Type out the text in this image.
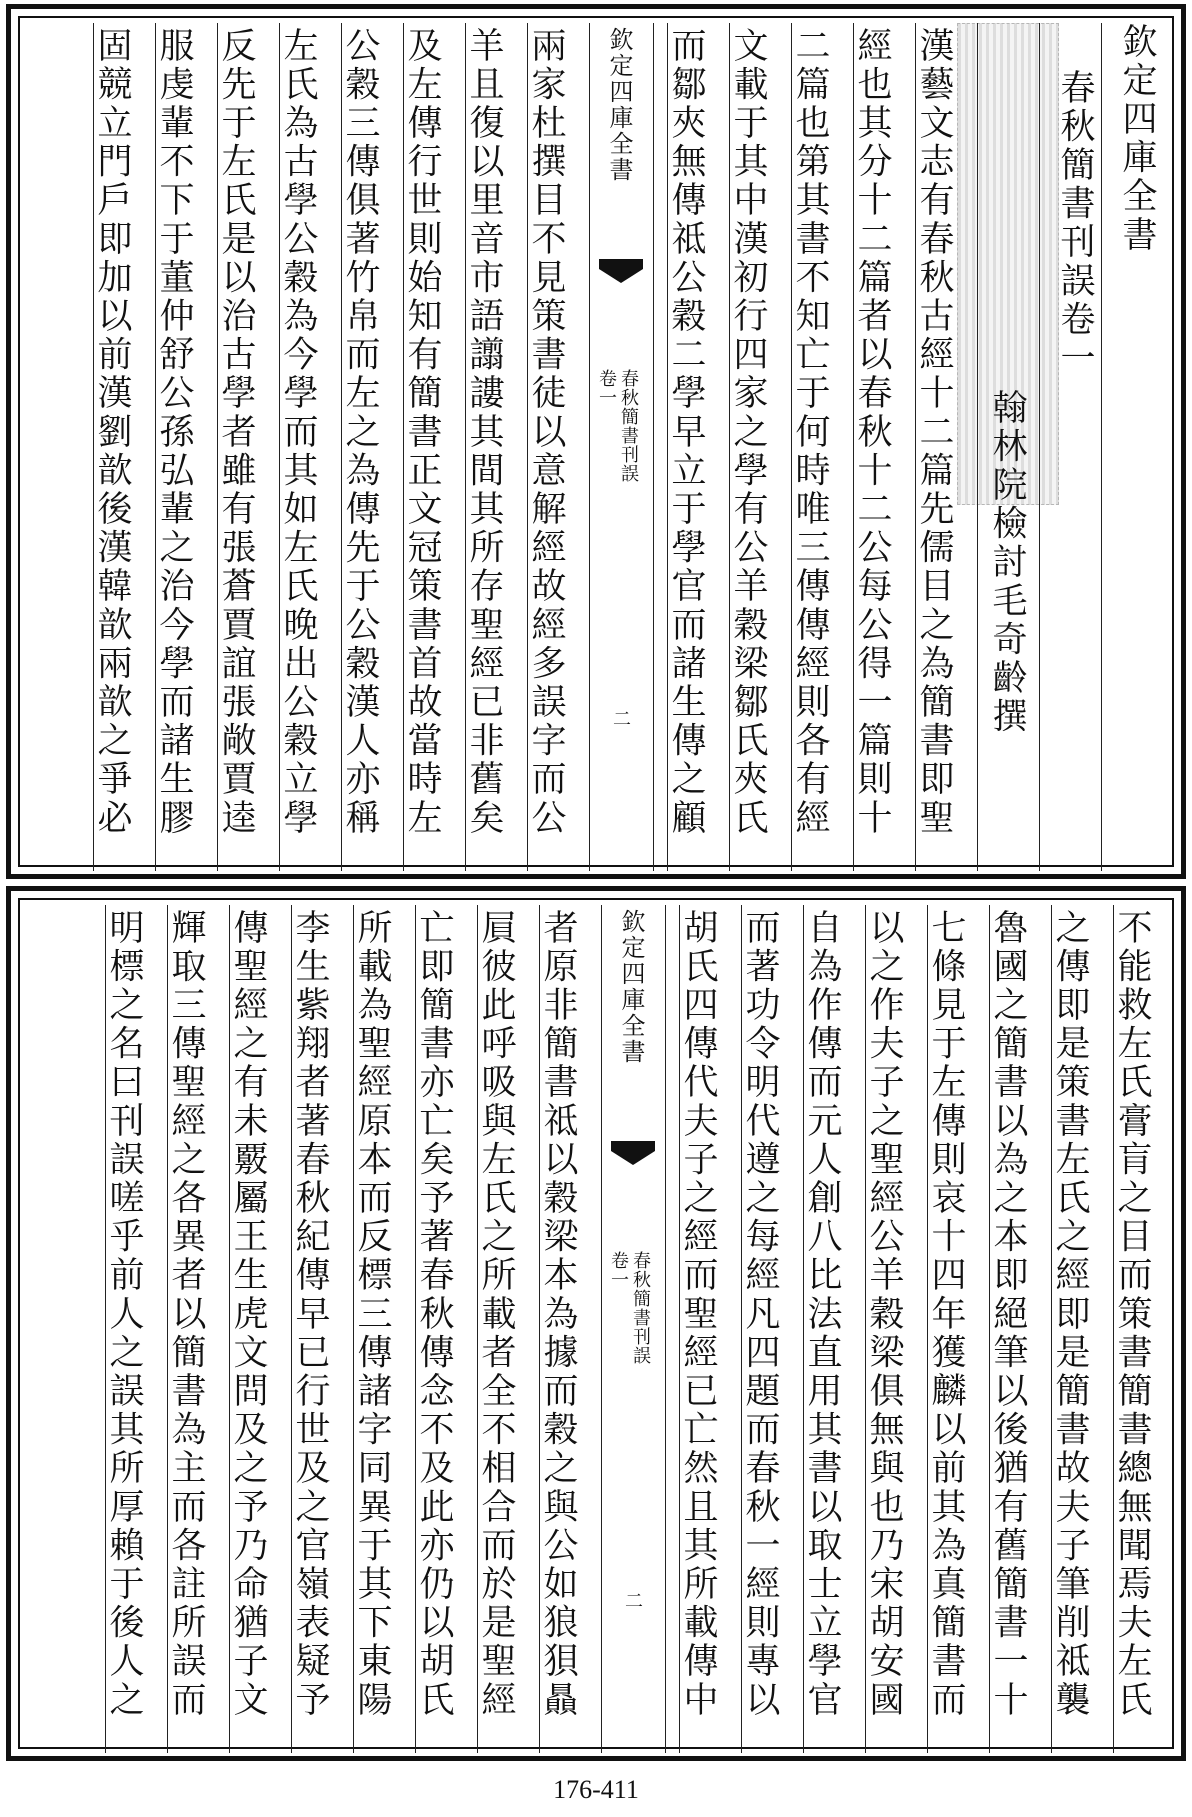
欽定四庫全書
春秋簡書刊誤卷一
翰林院檢討毛奇齡撰
漢藝文志有春秋古經十二篇先儒目之為簡書即聖
經也其分十二篇者以春秋十二公每公得一篇則十
二篇也第其書不知亡于何時唯三傳傳經則各有經
文載于其中漢初行四家之學有公羊穀梁鄒氏夾氏
而鄒夾無傳祗公穀二學早立于學官而諸生傳之顧
欽定四庫全書
春秋簡書刊誤
卷一
二
兩家杜撰目不見策書徒以意解經故經多誤字而公
羊且復以里音市語譾謱其間其所存聖經已非舊矣
及左傳行世則始知有簡書正文冠策書首故當時左
公穀三傳俱著竹帛而左之為傳先于公穀漢人亦稱
左氏為古學公穀為今學而其如左氏晚出公穀立學
反先于左氏是以治古學者雖有張蒼賈誼張敞賈逵
服虔輩不下于董仲舒公孫弘輩之治今學而諸生膠
固競立門戶即加以前漢劉歆後漢韓歆兩歆之爭必
不能救左氏膏肓之目而策書簡書總無聞焉夫左氏
之傳即是策書左氏之經即是簡書故夫子筆削祗襲
魯國之簡書以為之本即絕筆以後猶有舊簡書一十
七條見于左傳則哀十四年獲麟以前其為真簡書而
以之作夫子之聖經公羊穀梁俱無與也乃宋胡安國
自為作傳而元人創八比法直用其書以取士立學官
而著功令明代遵之每經凡四題而春秋一經則專以
胡氏四傳代夫子之經而聖經已亡然且其所載傳中
欽定四庫全書
春秋簡書刊誤
卷一
二
者原非簡書祗以穀梁本為據而穀之與公如狼狽贔
屓彼此呼吸與左氏之所載者全不相合而於是聖經
亡即簡書亦亡矣予著春秋傳念不及此亦仍以胡氏
所載為聖經原本而反標三傳諸字同異于其下東陽
李生紫翔者著春秋紀傳早已行世及之官嶺表疑予
傳聖經之有未覈屬王生虎文問及之予乃命猶子文
輝取三傳聖經之各異者以簡書為主而各註所誤而
明標之名曰刊誤嗟乎前人之誤其所厚賴于後人之
176-411
